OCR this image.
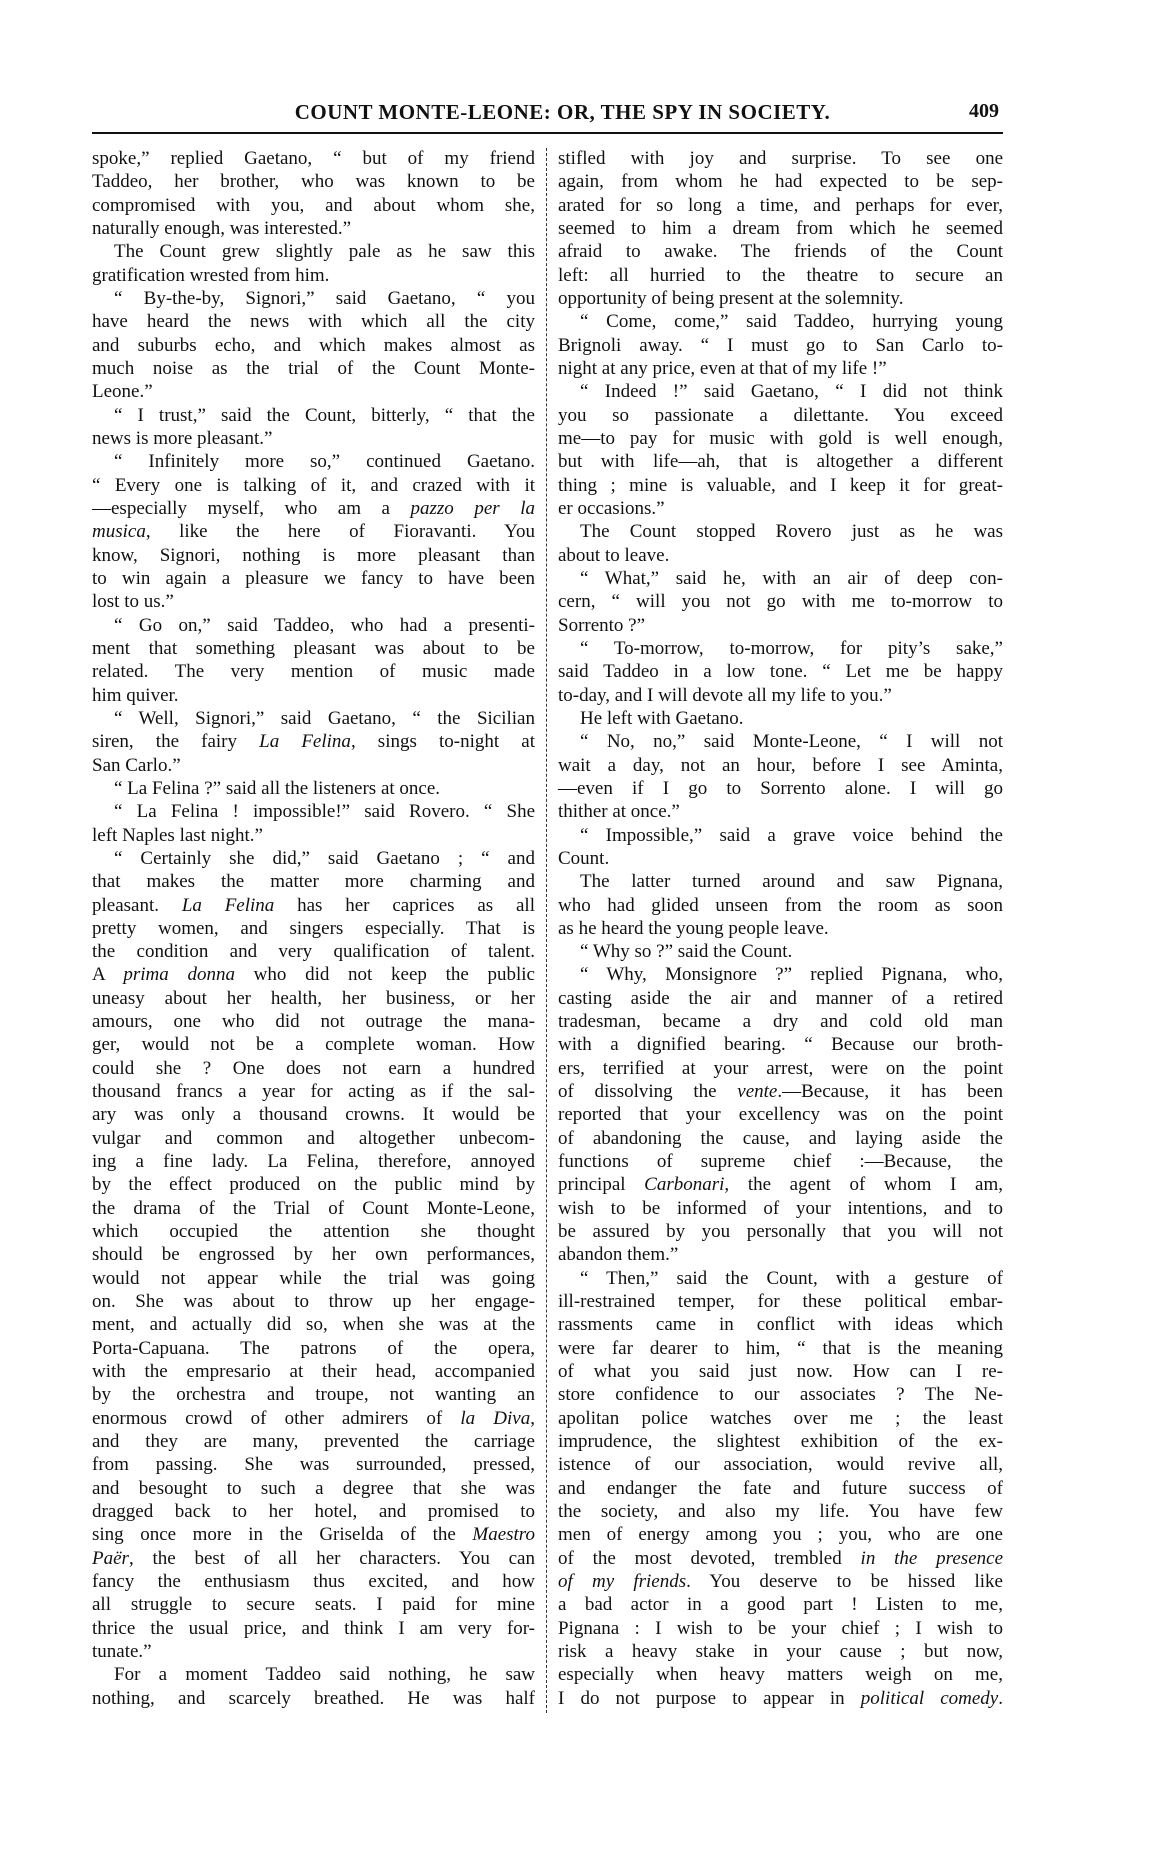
COUNT MONTE-LEONE: OR, THE SPY IN SOCIETY.	409
spoke,” replied Gaetano, “ but of my friend
Taddeo, her brother, who was known to be
compromised with you, and about whom she,
naturally enough, was interested.”
The Count grew slightly pale as he saw this
gratification wrested from him.
“ By-the-by, Signori,” said Gaetano, “ you
have heard the news with which all the city
and suburbs echo, and which makes almost as
much noise as the trial of the Count Monte-
Leone.”
“ I trust,” said the Count, bitterly, “ that the
news is more pleasant.”
“ Infinitely more so,” continued Gaetano.
“ Every one is talking of it, and crazed with it
—especially myself, who am a pazzo per la
musica, like the here of Fioravanti. You
know, Signori, nothing is more pleasant than
to win again a pleasure we fancy to have been
lost to us.”
“ Go on,” said Taddeo, who had a presenti-
ment that something pleasant was about to be
related. The very mention of music made
him quiver.
“ Well, Signori,” said Gaetano, “ the Sicilian
siren, the fairy La Felina, sings to-night at
San Carlo.”
“ La Felina ?” said all the listeners at once.
“ La Felina ! impossible!” said Rovero. “ She
left Naples last night.”
“ Certainly she did,” said Gaetano ; “ and
that makes the matter more charming and
pleasant. La Felina has her caprices as all
pretty women, and singers especially. That is
the condition and very qualification of talent.
A prima donna who did not keep the public
uneasy about her health, her business, or her
amours, one who did not outrage the mana-
ger, would not be a complete woman. How
could she ? One does not earn a hundred
thousand francs a year for acting as if the sal-
ary was only a thousand crowns. It would be
vulgar and common and altogether unbecom-
ing a fine lady. La Felina, therefore, annoyed
by the effect produced on the public mind by
the drama of the Trial of Count Monte-Leone,
which occupied the attention she thought
should be engrossed by her own performances,
would not appear while the trial was going
on. She was about to throw up her engage-
ment, and actually did so, when she was at the
Porta-Capuana. The patrons of the opera,
with the empresario at their head, accompanied
by the orchestra and troupe, not wanting an
enormous crowd of other admirers of la Diva,
and they are many, prevented the carriage
from passing. She was surrounded, pressed,
and besought to such a degree that she was
dragged back to her hotel, and promised to
sing once more in the Griselda of the Maestro
Paër, the best of all her characters. You can
fancy the enthusiasm thus excited, and how
all struggle to secure seats. I paid for mine
thrice the usual price, and think I am very for-
tunate.”
For a moment Taddeo said nothing, he saw
nothing, and scarcely breathed. He was half
stifled with joy and surprise. To see one
again, from whom he had expected to be sep-
arated for so long a time, and perhaps for ever,
seemed to him a dream from which he seemed
afraid to awake. The friends of the Count
left: all hurried to the theatre to secure an
opportunity of being present at the solemnity.
“ Come, come,” said Taddeo, hurrying young
Brignoli away. “ I must go to San Carlo to-
night at any price, even at that of my life !”
“ Indeed !” said Gaetano, “ I did not think
you so passionate a dilettante. You exceed
me—to pay for music with gold is well enough,
but with life—ah, that is altogether a different
thing ; mine is valuable, and I keep it for great-
er occasions.”
The Count stopped Rovero just as he was
about to leave.
“ What,” said he, with an air of deep con-
cern, “ will you not go with me to-morrow to
Sorrento ?”
“ To-morrow, to-morrow, for pity’s sake,”
said Taddeo in a low tone. “ Let me be happy
to-day, and I will devote all my life to you.”
He left with Gaetano.
“ No, no,” said Monte-Leone, “ I will not
wait a day, not an hour, before I see Aminta,
—even if I go to Sorrento alone. I will go
thither at once.”
“ Impossible,” said a grave voice behind the
Count.
The latter turned around and saw Pignana,
who had glided unseen from the room as soon
as he heard the young people leave.
“ Why so ?” said the Count.
“ Why, Monsignore ?” replied Pignana, who,
casting aside the air and manner of a retired
tradesman, became a dry and cold old man
with a dignified bearing. “ Because our broth-
ers, terrified at your arrest, were on the point
of dissolving the vente.—Because, it has been
reported that your excellency was on the point
of abandoning the cause, and laying aside the
functions of supreme chief :—Because, the
principal Carbonari, the agent of whom I am,
wish to be informed of your intentions, and to
be assured by you personally that you will not
abandon them.”
“ Then,” said the Count, with a gesture of
ill-restrained temper, for these political embar-
rassments came in conflict with ideas which
were far dearer to him, “ that is the meaning
of what you said just now. How can I re-
store confidence to our associates ? The Ne-
apolitan police watches over me ; the least
imprudence, the slightest exhibition of the ex-
istence of our association, would revive all,
and endanger the fate and future success of
the society, and also my life. You have few
men of energy among you ; you, who are one
of the most devoted, trembled in the presence
of my friends. You deserve to be hissed like
a bad actor in a good part ! Listen to me,
Pignana : I wish to be your chief ; I wish to
risk a heavy stake in your cause ; but now,
especially when heavy matters weigh on me,
I do not purpose to appear in political comedy.
